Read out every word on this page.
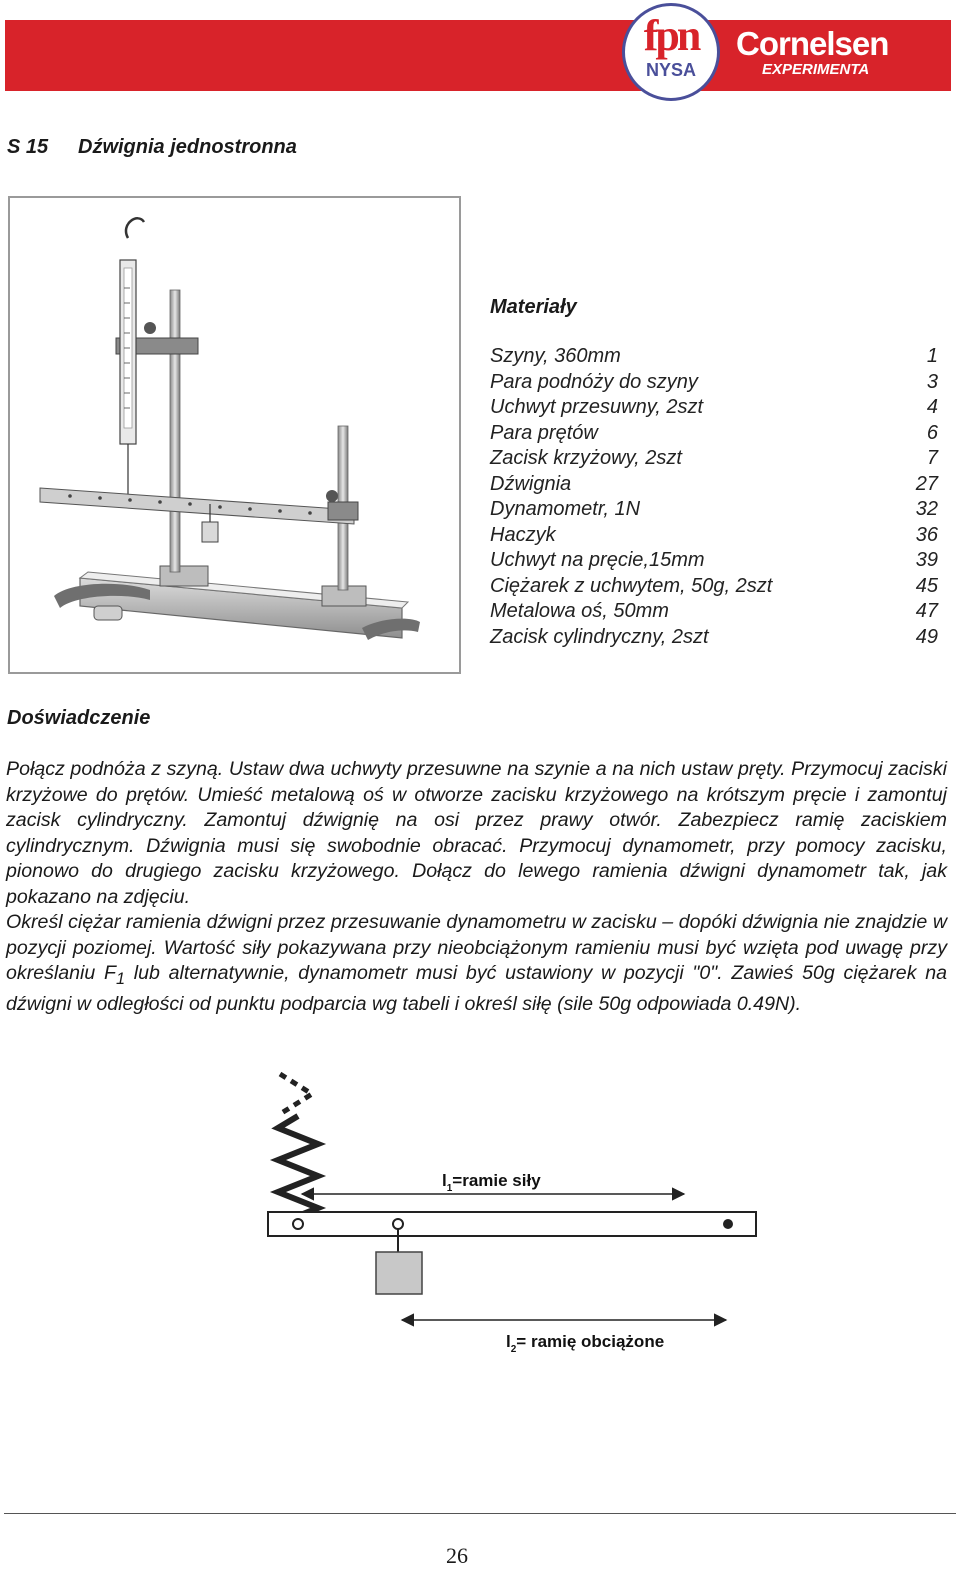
fpn
NYSA
Cornelsen
EXPERIMENTA
S 15 Dźwignia jednostronna
Materiały
Szyny, 360mm	1
Para podnóży do szyny	3
Uchwyt przesuwny, 2szt	4
Para prętów	6
Zacisk krzyżowy, 2szt	7
Dźwignia	27
Dynamometr, 1N	32
Haczyk	36
Uchwyt na pręcie,15mm	39
Ciężarek z uchwytem, 50g, 2szt	45
Metalowa oś, 50mm	47
Zacisk cylindryczny, 2szt	49
Doświadczenie

Połącz podnóża z szyną. Ustaw dwa uchwyty przesuwne na szynie a na nich ustaw pręty. Przymocuj zaciski krzyżowe do prętów. Umieść metalową oś w otworze zacisku krzyżowego na krótszym pręcie i zamontuj zacisk cylindryczny. Zamontuj dźwignię na osi przez prawy otwór. Zabezpiecz ramię zaciskiem cylindrycznym. Dźwignia musi się swobodnie obracać. Przymocuj dynamometr, przy pomocy zacisku, pionowo do drugiego zacisku krzyżowego. Dołącz do lewego ramienia dźwigni dynamometr tak, jak pokazano na zdjęciu.

Określ ciężar ramienia dźwigni przez przesuwanie dynamometru w zacisku – dopóki dźwignia nie znajdzie w pozycji poziomej. Wartość siły pokazywana przy nieobciążonym ramieniu musi być wzięta pod uwagę przy określaniu $F_1$ lub alternatywnie, dynamometr musi być ustawiony w pozycji "0". Zawieś 50g ciężarek na dźwigni w odległości od punktu podparcia wg tabeli i określ siłę (sile 50g odpowiada 0.49N).

$l_1=ramie$ siły
$l_2=$ ramię obciążone
26
